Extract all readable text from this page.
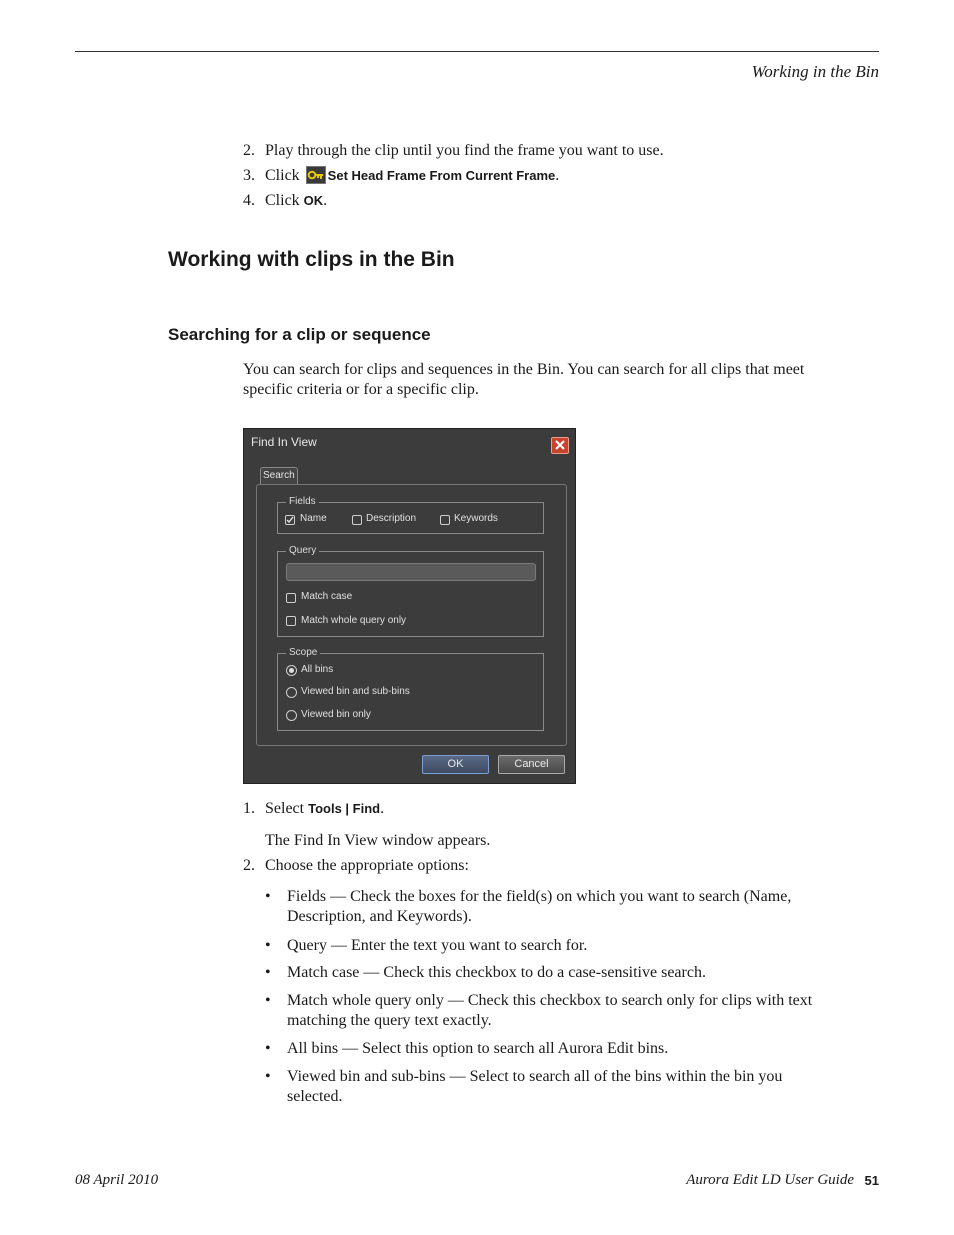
Working in the Bin
2. Play through the clip until you find the frame you want to use.
3. Click Set Head Frame From Current Frame.
4. Click OK.
Working with clips in the Bin
Searching for a clip or sequence
You can search for clips and sequences in the Bin. You can search for all clips that meet specific criteria or for a specific clip.
Find In View
Search
Fields
Name	Description	Keywords
Query
Match case
Match whole query only
Scope
All bins
Viewed bin and sub-bins
Viewed bin only
OK	Cancel
1. Select Tools | Find.
The Find In View window appears.
2. Choose the appropriate options:
• Fields — Check the boxes for the field(s) on which you want to search (Name, Description, and Keywords).
• Query — Enter the text you want to search for.
• Match case — Check this checkbox to do a case-sensitive search.
• Match whole query only — Check this checkbox to search only for clips with text matching the query text exactly.
• All bins — Select this option to search all Aurora Edit bins.
• Viewed bin and sub-bins — Select to search all of the bins within the bin you selected.
08 April 2010	Aurora Edit LD User Guide 51
